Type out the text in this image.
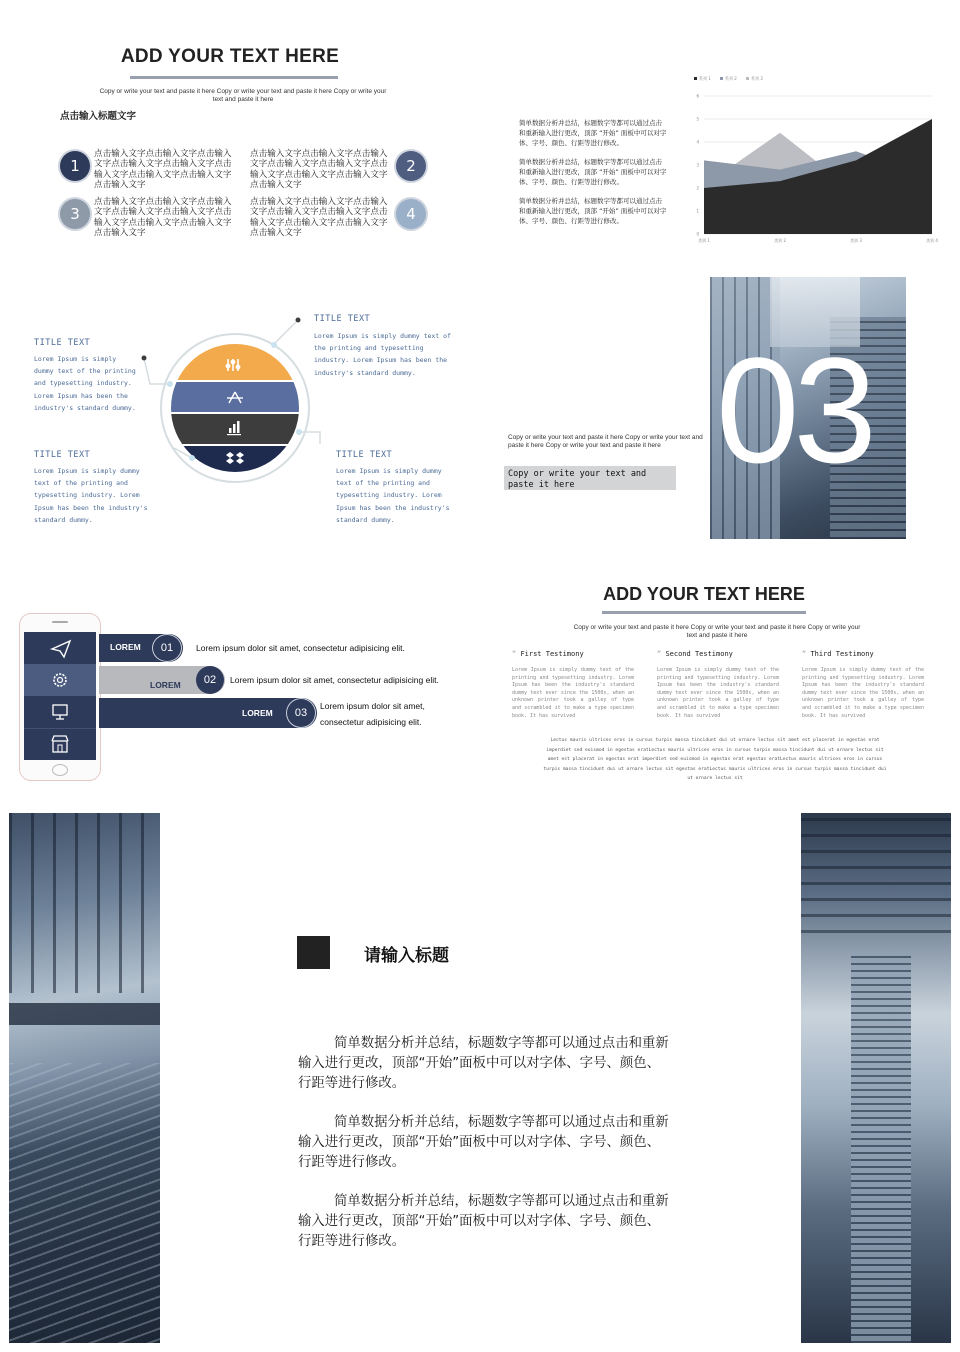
ADD YOUR TEXT HERE
Copy or write your text and paste it here Copy or write your text and paste it here Copy or write your text and paste it here
点击输入标题文字
1
点击输入文字点击输入文字点击输入文字点击输入文字点击输入文字点击输入文字点击输入文字点击输入文字点击输入文字
点击输入文字点击输入文字点击输入文字点击输入文字点击输入文字点击输入文字点击输入文字点击输入文字点击输入文字
2
3
点击输入文字点击输入文字点击输入文字点击输入文字点击输入文字点击输入文字点击输入文字点击输入文字点击输入文字
点击输入文字点击输入文字点击输入文字点击输入文字点击输入文字点击输入文字点击输入文字点击输入文字点击输入文字
4
简单数据分析并总结，标题数字等都可以通过点击和重新输入进行更改，顶部 “开始” 面板中可以对字体、字号、颜色、行距等进行修改。
简单数据分析并总结，标题数字等都可以通过点击和重新输入进行更改，顶部 “开始” 面板中可以对字体、字号、颜色、行距等进行修改。
简单数据分析并总结，标题数字等都可以通过点击和重新输入进行更改，顶部 “开始” 面板中可以对字体、字号、颜色、行距等进行修改。
0
1
2
3
4
5
6
类别 1	类别 2	类别 3	类别 4
系列 1	系列 2	系列 3
TITLE TEXT
Lorem Ipsum is simply dummy text of the printing and typesetting industry. Lorem Ipsum has been the industry's standard dummy.
TITLE TEXT
Lorem Ipsum is simply dummy text of the printing and typesetting industry. Lorem Ipsum has been the industry's standard dummy.
TITLE TEXT
Lorem Ipsum is simply dummy text of the printing and typesetting industry. Lorem Ipsum has been the industry's standard dummy.
TITLE TEXT
Lorem Ipsum is simply dummy text of the printing and typesetting industry. Lorem Ipsum has been the industry's standard dummy.
Copy or write your text and paste it here Copy or write your text and paste it here Copy or write your text and paste it here
Copy or write your text and paste it here 03
LOREM	01	Lorem ipsum dolor sit amet, consectetur adipisicing elit.
LOREM	02	Lorem ipsum dolor sit amet, consectetur adipisicing elit.
LOREM	03
Lorem ipsum dolor sit amet, consectetur adipisicing elit.
ADD YOUR TEXT HERE
Copy or write your text and paste it here Copy or write your text and paste it here Copy or write your text and paste it here
“ First Testimony
Lorem Ipsum is simply dummy text of the printing and typesetting industry. Lorem Ipsum has been the industry's standard dummy text ever since the 1500s, when an unknown printer took a galley of type and scrambled it to make a type specimen book. It has survived
“ Second Testimony
Lorem Ipsum is simply dummy text of the printing and typesetting industry. Lorem Ipsum has been the industry's standard dummy text ever since the 1500s, when an unknown printer took a galley of type and scrambled it to make a type specimen book. It has survived
“ Third Testimony
Lorem Ipsum is simply dummy text of the printing and typesetting industry. Lorem Ipsum has been the industry's standard dummy text ever since the 1500s, when an unknown printer took a galley of type and scrambled it to make a type specimen book. It has survived
Lectus mauris ultrices eros in cursus turpis massa tincidunt dui ut ornare lectus sit amet est placerat in egestas erat imperdiet sed euismod in egestas eratLectus mauris ultrices eros in cursus turpis massa tincidunt dui ut ornare lectus sit amet est placerat in egestas erat imperdiet sed euismod in egestas erat egestas eratLectus mauris ultrices eros in cursus turpis massa tincidunt dui ut ornare lectus sit egestas eratLectus mauris ultrices eros in cursus turpis massa tincidunt dui ut ornare lectus sit
请输入标题
简单数据分析并总结，标题数字等都可以通过点击和重新输入进行更改，顶部“开始”面板中可以对字体、字号、颜色、行距等进行修改。
简单数据分析并总结，标题数字等都可以通过点击和重新输入进行更改，顶部“开始”面板中可以对字体、字号、颜色、行距等进行修改。
简单数据分析并总结，标题数字等都可以通过点击和重新输入进行更改，顶部“开始”面板中可以对字体、字号、颜色、行距等进行修改。
